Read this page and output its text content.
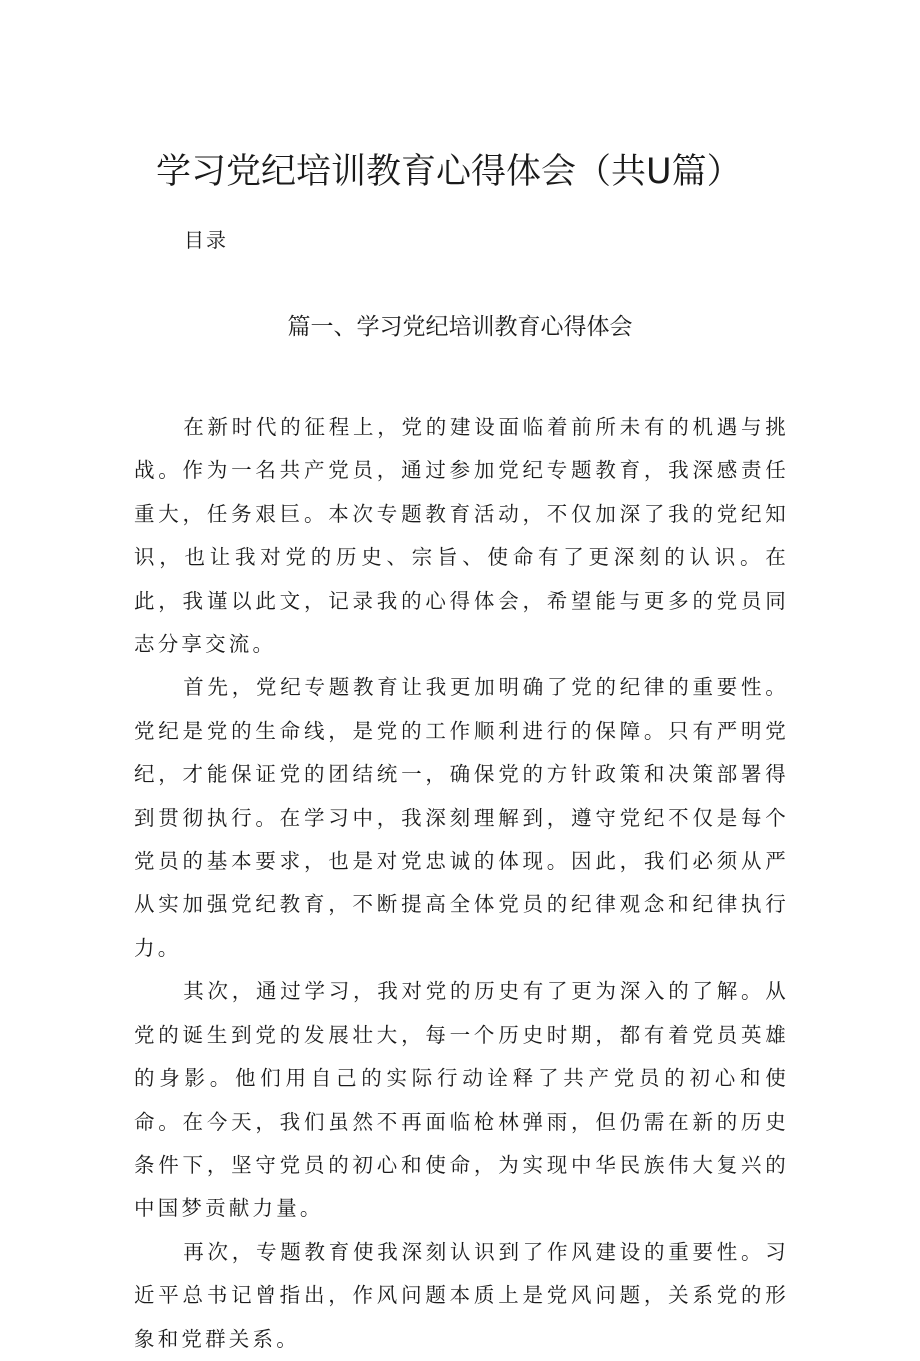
学习党纪培训教育心得体会（共U篇）
目录
篇一、学习党纪培训教育心得体会

在新时代的征程上，党的建设面临着前所未有的机遇与挑战。作为一名共产党员，通过参加党纪专题教育，我深感责任重大，任务艰巨。本次专题教育活动，不仅加深了我的党纪知识，也让我对党的历史、宗旨、使命有了更深刻的认识。在此，我谨以此文，记录我的心得体会，希望能与更多的党员同志分享交流。

首先，党纪专题教育让我更加明确了党的纪律的重要性。党纪是党的生命线，是党的工作顺利进行的保障。只有严明党纪，才能保证党的团结统一，确保党的方针政策和决策部署得到贯彻执行。在学习中，我深刻理解到，遵守党纪不仅是每个党员的基本要求，也是对党忠诚的体现。因此，我们必须从严从实加强党纪教育，不断提高全体党员的纪律观念和纪律执行力。

其次，通过学习，我对党的历史有了更为深入的了解。从党的诞生到党的发展壮大，每一个历史时期，都有着党员英雄的身影。他们用自己的实际行动诠释了共产党员的初心和使命。在今天，我们虽然不再面临枪林弹雨，但仍需在新的历史条件下，坚守党员的初心和使命，为实现中华民族伟大复兴的中国梦贡献力量。

再次，专题教育使我深刻认识到了作风建设的重要性。习近平总书记曾指出，作风问题本质上是党风问题，关系党的形象和党群关系。
